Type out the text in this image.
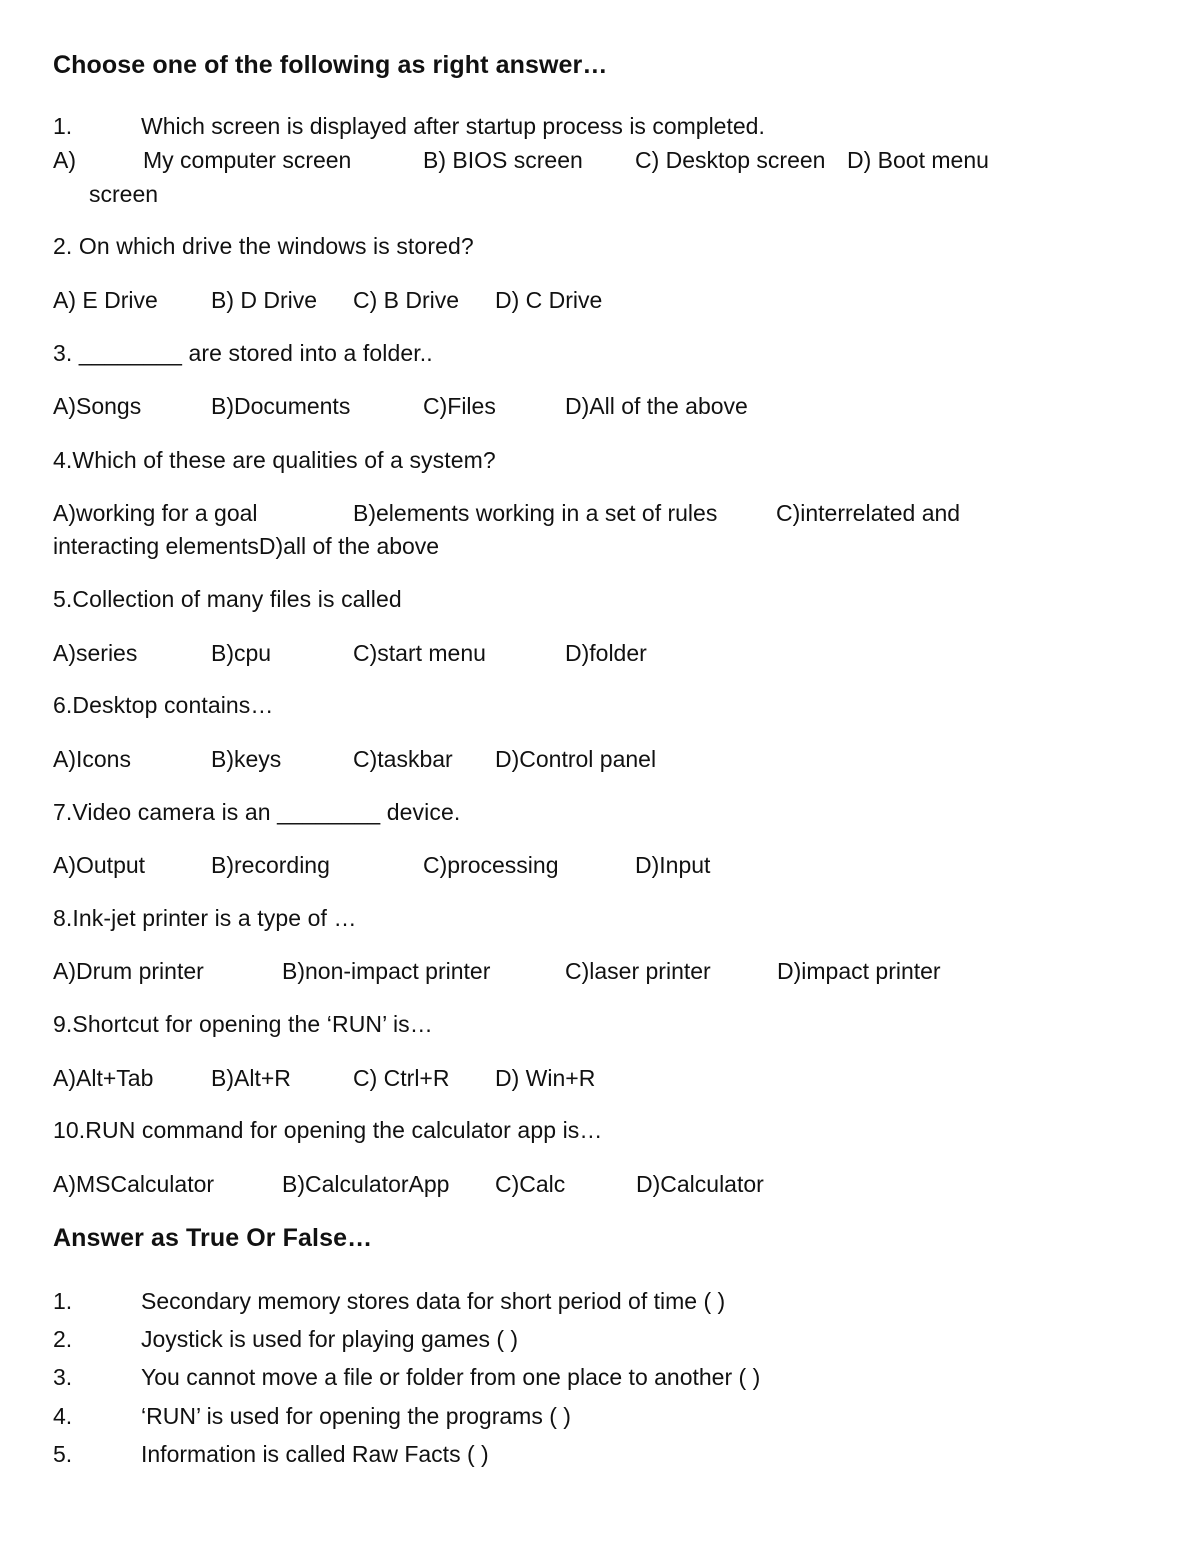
Choose one of the following as right answer…
1.	Which screen is displayed after startup process is completed.
A)	My computer screen	B) BIOS screen C) Desktop screen D) Boot menu
screen
2. On which drive the windows is stored?
A) E Drive B) D Drive C) B Drive D) C Drive
3. ________ are stored into a folder..
A)Songs	B)Documents	C)Files	D)All of the above
4.Which of these are qualities of a system?
A)working for a goal	B)elements working in a set of rules	C)interrelated and
interacting elementsD)all of the above
5.Collection of many files is called
A)series	B)cpu	C)start menu	D)folder
6.Desktop contains…
A)Icons	B)keys	C)taskbar D)Control panel
7.Video camera is an ________ device.
A)Output	B)recording	C)processing	D)Input
8.Ink-jet printer is a type of …
A)Drum printer	B)non-impact printer	C)laser printer	D)impact printer
9.Shortcut for opening the ‘RUN’ is…
A)Alt+Tab	B)Alt+R	C) Ctrl+R D) Win+R
10.RUN command for opening the calculator app is…
A)MSCalculator	B)CalculatorApp C)Calc	D)Calculator
Answer as True Or False…
1.	Secondary memory stores data for short period of time ( )
2.	Joystick is used for playing games ( )
3.	You cannot move a file or folder from one place to another ( )
4.	‘RUN’ is used for opening the programs ( )
5.	Information is called Raw Facts ( )
